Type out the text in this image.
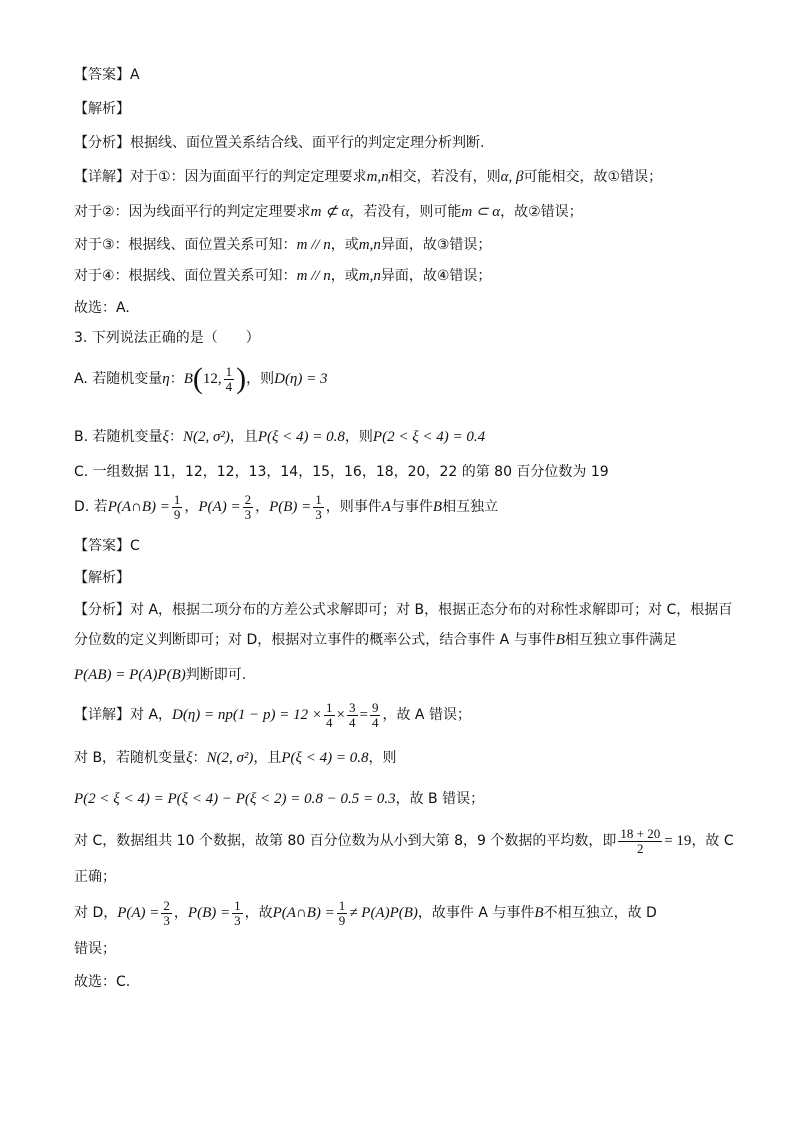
【答案】A
【解析】
【分析】根据线、面位置关系结合线、面平行的判定定理分析判断.
【详解】对于①：因为面面平行的判定定理要求m,n相交，若没有，则α, β可能相交，故①错误；
对于②：因为线面平行的判定定理要求m ⊄ α，若没有，则可能m ⊂ α，故②错误；
对于③：根据线、面位置关系可知：m // n，或m,n异面，故③错误；
对于④：根据线、面位置关系可知：m // n，或m,n异面，故④错误；
故选：A.
3. 下列说法正确的是（　　）
A. 若随机变量η：B(12, $\frac{1}{4}$ )，则D(η) = 3
B. 若随机变量ξ：N(2, σ²)，且P(ξ < 4) = 0.8，则P(2 < ξ < 4) = 0.4
C. 一组数据 11，12，12，13，14，15，16，18，20，22 的第 80 百分位数为 19
D. 若P(A∩B) = $\frac{1}{9}$ ，$P(A) = \frac{2}{3}$ ，$P(B) = \frac{1}{3}$ ，则事件A与事件B相互独立
【答案】C
【解析】
【分析】对 A，根据二项分布的方差公式求解即可；对 B，根据正态分布的对称性求解即可；对 C，根据百
分位数的定义判断即可；对 D，根据对立事件的概率公式，结合事件 A 与事件B相互独立事件满足
P(AB) = P(A)P(B)判断即可.
【详解】对 A，$D(\eta) = np(1 - p) = 12 \times \frac{1}{4} \times \frac{3}{4} = \frac{9}{4}$ ，故 A 错误；
对 B，若随机变量ξ：N(2, σ²)，且P(ξ < 4) = 0.8，则
P(2 < ξ < 4) = P(ξ < 4) − P(ξ < 2) = 0.8 − 0.5 = 0.3，故 B 错误；
对 C，数据组共 10 个数据，故第 80 百分位数为从小到大第 8，9 个数据的平均数，即 $\frac{18 + 20}{2} = 19$，故 C
正确；
对 D，$P(A) = \frac{2}{3}$ ，$P(B) = \frac{1}{3}$ ，故P(A∩B) = $\frac{1}{9} \ne P(A)P(B)$，故事件 A 与事件B不相互独立，故 D
错误；
故选：C.
